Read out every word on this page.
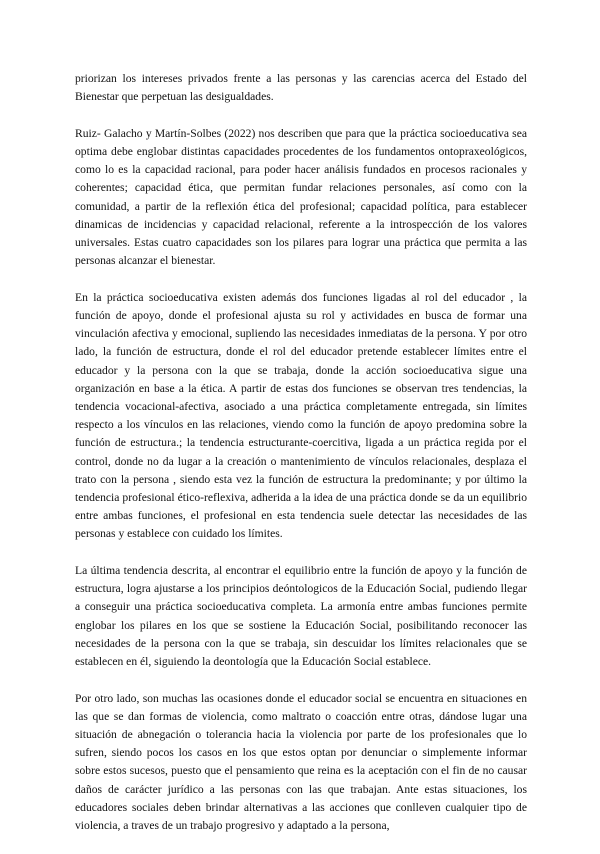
priorizan los intereses privados frente a las personas y las carencias acerca del Estado del Bienestar que perpetuan las desigualdades.

Ruiz- Galacho y Martín-Solbes (2022) nos describen que para que la práctica socioeducativa sea optima debe englobar distintas capacidades procedentes de los fundamentos ontopraxeológicos, como lo es la capacidad racional, para poder hacer análisis fundados en procesos racionales y coherentes; capacidad ética, que permitan fundar relaciones personales, así como con la comunidad, a partir de la reflexión ética del profesional; capacidad política, para establecer dinamicas de incidencias y capacidad relacional, referente a la introspección de los valores universales. Estas cuatro capacidades son los pilares para lograr una práctica que permita a las personas alcanzar el bienestar.

En la práctica socioeducativa existen además dos funciones ligadas al rol del educador , la función de apoyo, donde el profesional ajusta su rol y actividades en busca de formar una vinculación afectiva y emocional, supliendo las necesidades inmediatas de la persona. Y por otro lado, la función de estructura, donde el rol del educador pretende establecer límites entre el educador y la persona con la que se trabaja, donde la acción socioeducativa sigue una organización en base a la ética. A partir de estas dos funciones se observan tres tendencias, la tendencia vocacional-afectiva, asociado a una práctica completamente entregada, sin límites respecto a los vínculos en las relaciones, viendo como la función de apoyo predomina sobre la función de estructura.; la tendencia estructurante-coercitiva, ligada a un práctica regida por el control, donde no da lugar a la creación o mantenimiento de vínculos relacionales, desplaza el trato con la persona , siendo esta vez la función de estructura la predominante; y por último la tendencia profesional ético-reflexiva, adherida a la idea de una práctica donde se da un equilibrio entre ambas funciones, el profesional en esta tendencia suele detectar las necesidades de las personas y establece con cuidado los límites.

La última tendencia descrita, al encontrar el equilibrio entre la función de apoyo y la función de estructura, logra ajustarse a los principios deóntologicos de la Educación Social, pudiendo llegar a conseguir una práctica socioeducativa completa. La armonía entre ambas funciones permite englobar los pilares en los que se sostiene la Educación Social, posibilitando reconocer las necesidades de la persona con la que se trabaja, sin descuidar los límites relacionales que se establecen en él, siguiendo la deontología que la Educación Social establece.

Por otro lado, son muchas las ocasiones donde el educador social se encuentra en situaciones en las que se dan formas de violencia, como maltrato o coacción entre otras, dándose lugar una situación de abnegación o tolerancia hacia la violencia por parte de los profesionales que lo sufren, siendo pocos los casos en los que estos optan por denunciar o simplemente informar sobre estos sucesos, puesto que el pensamiento que reina es la aceptación con el fin de no causar daños de carácter jurídico a las personas con las que trabajan. Ante estas situaciones, los educadores sociales deben brindar alternativas a las acciones que conlleven cualquier tipo de violencia, a traves de un trabajo progresivo y adaptado a la persona,
